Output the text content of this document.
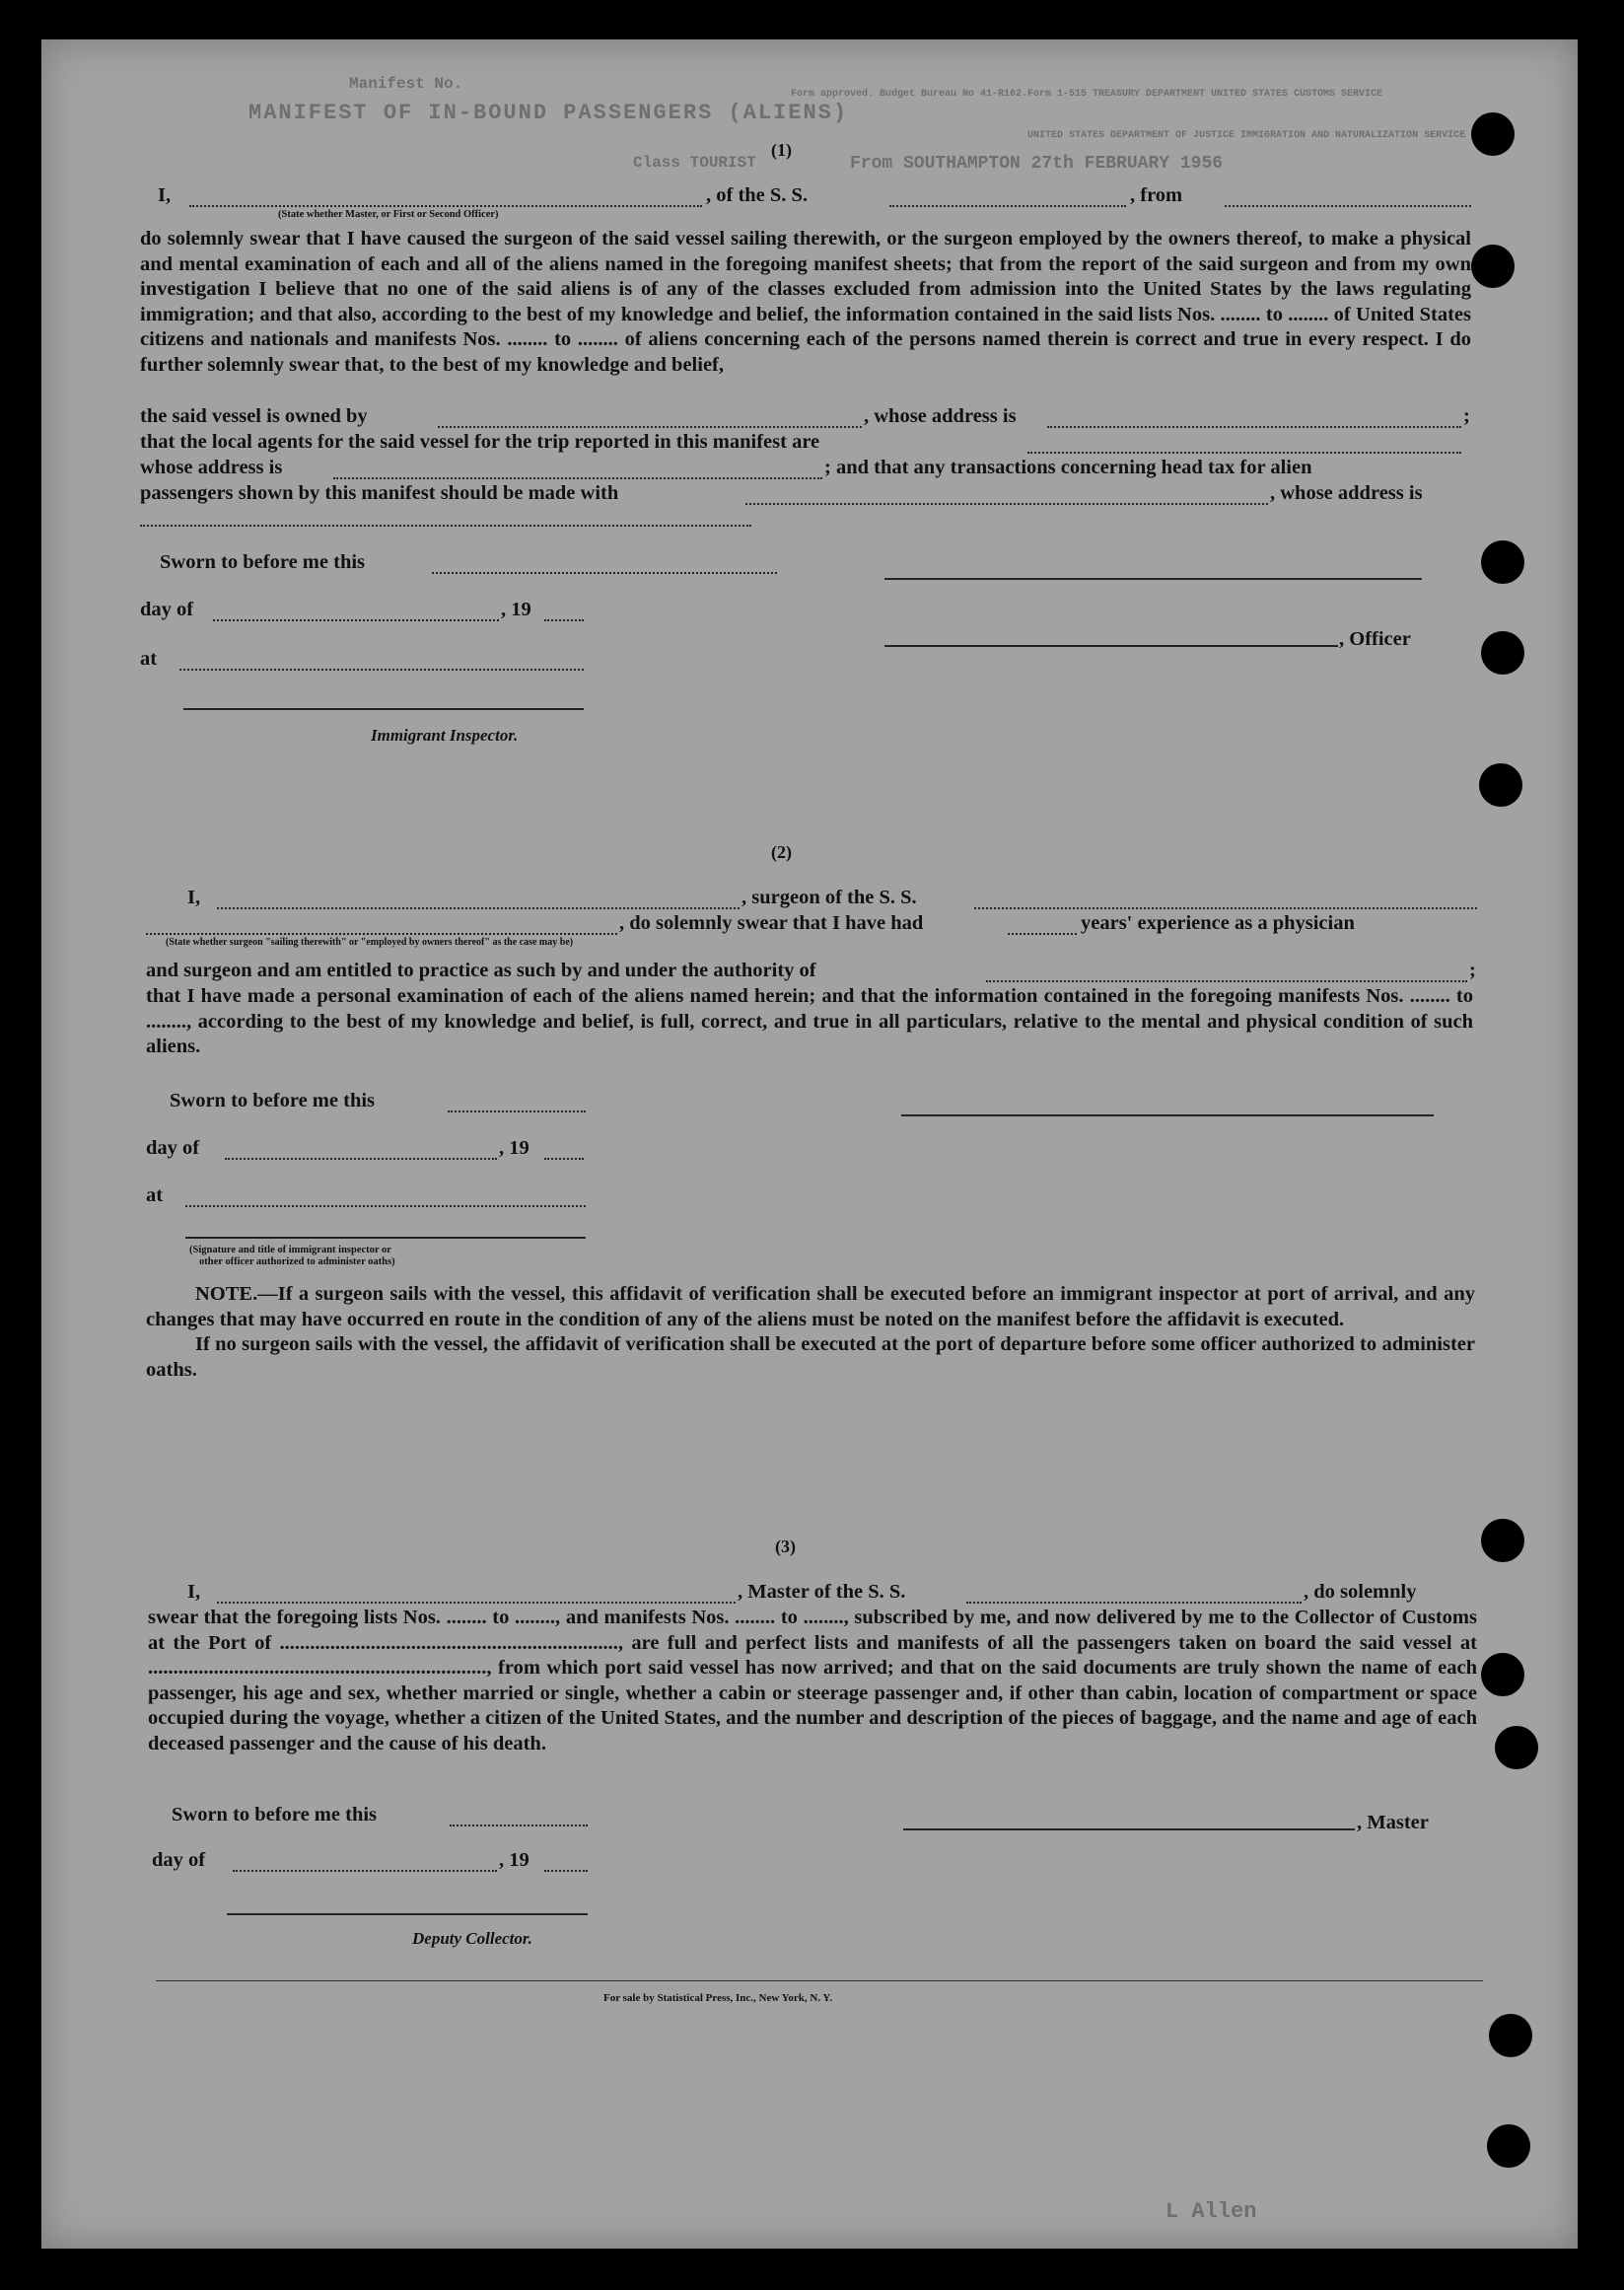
Manifest No.
MANIFEST OF IN-BOUND PASSENGERS (ALIENS)
Form approved. Budget Bureau No 41-R162. Form 1-515 TREASURY DEPARTMENT UNITED STATES CUSTOMS SERVICE
UNITED STATES DEPARTMENT OF JUSTICE IMMIGRATION AND NATURALIZATION SERVICE
Class TOURIST	From SOUTHAMPTON 27th FEBRUARY 1956
(1)
I,	, of the S. S.	, from
(State whether Master, or First or Second Officer)

do solemnly swear that I have caused the surgeon of the said vessel sailing therewith, or the surgeon employed by the owners thereof, to make a physical and mental examination of each and all of the aliens named in the foregoing manifest sheets; that from the report of the said surgeon and from my own investigation I believe that no one of the said aliens is of any of the classes excluded from admission into the United States by the laws regulating immigration; and that also, according to the best of my knowledge and belief, the information contained in the said lists Nos. ........ to ........ of United States citizens and nationals and manifests Nos. ........ to ........ of aliens concerning each of the persons named therein is correct and true in every respect. I do further solemnly swear that, to the best of my knowledge and belief,

the said vessel is owned by	, whose address is	;
that the local agents for the said vessel for the trip reported in this manifest are
whose address is	; and that any transactions concerning head tax for alien
passengers shown by this manifest should be made with	, whose address is
Sworn to before me this
day of	, 19
, Officer
at
Immigrant Inspector.
(2)
I,	, surgeon of the S. S.
, do solemnly swear that I have had	years' experience as a physician
(State whether surgeon "sailing therewith" or "employed by owners thereof" as the case may be)
and surgeon and am entitled to practice as such by and under the authority of	;
that I have made a personal examination of each of the aliens named herein; and that the information contained in the foregoing manifests Nos. ........ to ........, according to the best of my knowledge and belief, is full, correct, and true in all particulars, relative to the mental and physical condition of such aliens.
Sworn to before me this
day of	, 19
at
(Signature and title of immigrant inspector or
other officer authorized to administer oaths)

NOTE.—If a surgeon sails with the vessel, this affidavit of verification shall be executed before an immigrant inspector at port of arrival, and any changes that may have occurred en route in the condition of any of the aliens must be noted on the manifest before the affidavit is executed.

If no surgeon sails with the vessel, the affidavit of verification shall be executed at the port of departure before some officer authorized to administer oaths.

(3)
I,	, Master of the S. S.	, do solemnly
swear that the foregoing lists Nos. ........ to ........, and manifests Nos. ........ to ........, subscribed by me, and now delivered by me to the Collector of Customs at the Port of ..................................................................., are full and perfect lists and manifests of all the passengers taken on board the said vessel at ..................................................................., from which port said vessel has now arrived; and that on the said documents are truly shown the name of each passenger, his age and sex, whether married or single, whether a cabin or steerage passenger and, if other than cabin, location of compartment or space occupied during the voyage, whether a citizen of the United States, and the number and description of the pieces of baggage, and the name and age of each deceased passenger and the cause of his death.
Sworn to before me this	, Master
day of	, 19
Deputy Collector.
For sale by Statistical Press, Inc., New York, N. Y.
L Allen
